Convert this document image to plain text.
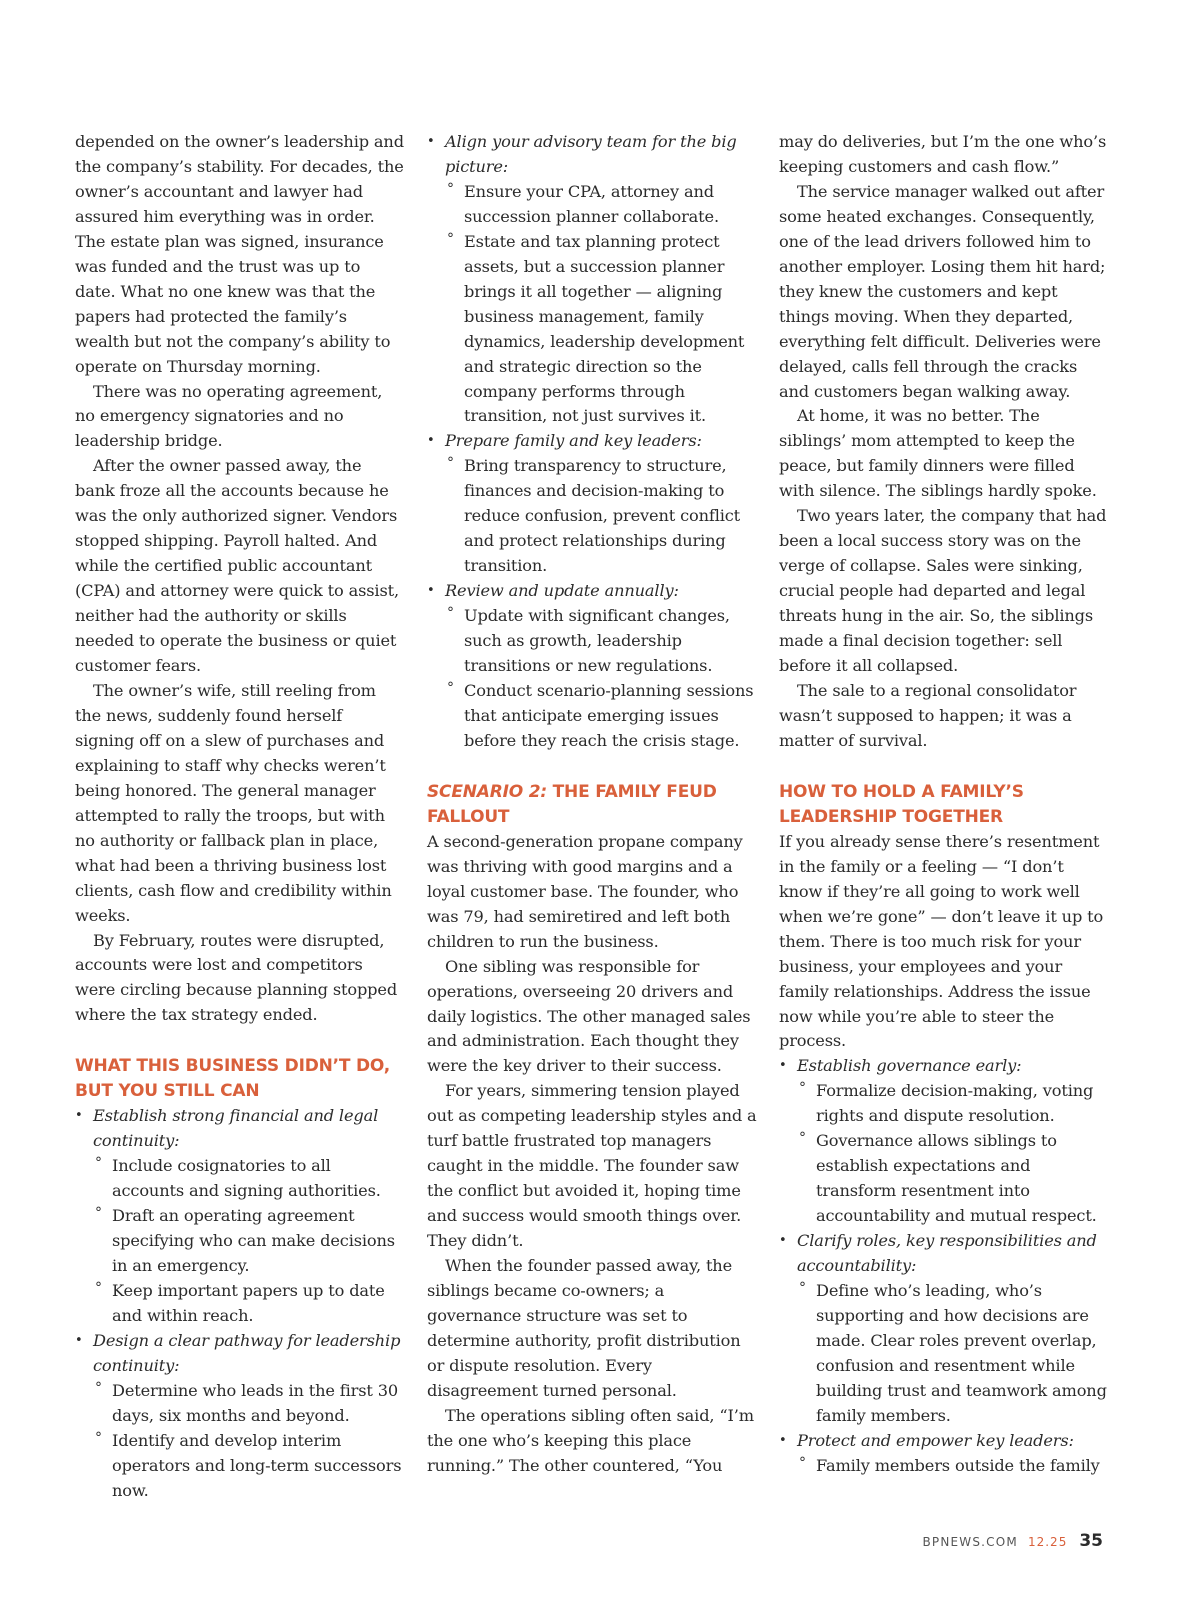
depended on the owner’s leadership and the company’s stability. For decades, the owner’s accountant and lawyer had assured him everything was in order. The estate plan was signed, insurance was funded and the trust was up to date. What no one knew was that the papers had protected the family’s wealth but not the company’s ability to operate on Thursday morning.

There was no operating agreement, no emergency signatories and no leadership bridge.

After the owner passed away, the bank froze all the accounts because he was the only authorized signer. Vendors stopped shipping. Payroll halted. And while the certified public accountant (CPA) and attorney were quick to assist, neither had the authority or skills needed to operate the business or quiet customer fears.

The owner’s wife, still reeling from the news, suddenly found herself signing off on a slew of purchases and explaining to staff why checks weren’t being honored. The general manager attempted to rally the troops, but with no authority or fallback plan in place, what had been a thriving business lost clients, cash flow and credibility within weeks.

By February, routes were disrupted, accounts were lost and competitors were circling because planning stopped where the tax strategy ended.

WHAT THIS BUSINESS DIDN’T DO, BUT YOU STILL CAN
• Establish strong financial and legal continuity:
° Include cosignatories to all accounts and signing authorities.
° Draft an operating agreement specifying who can make decisions in an emergency.
° Keep important papers up to date and within reach.
• Design a clear pathway for leadership continuity:
° Determine who leads in the first 30 days, six months and beyond.
° Identify and develop interim operators and long-term successors now.
• Align your advisory team for the big picture:
° Ensure your CPA, attorney and succession planner collaborate.
° Estate and tax planning protect assets, but a succession planner brings it all together — aligning business management, family dynamics, leadership development and strategic direction so the company performs through transition, not just survives it.
• Prepare family and key leaders:
° Bring transparency to structure, finances and decision-making to reduce confusion, prevent conflict and protect relationships during transition.
• Review and update annually:
° Update with significant changes, such as growth, leadership transitions or new regulations.
° Conduct scenario-planning sessions that anticipate emerging issues before they reach the crisis stage.
SCENARIO 2: THE FAMILY FEUD FALLOUT

A second-generation propane company was thriving with good margins and a loyal customer base. The founder, who was 79, had semiretired and left both children to run the business.

One sibling was responsible for operations, overseeing 20 drivers and daily logistics. The other managed sales and administration. Each thought they were the key driver to their success.

For years, simmering tension played out as competing leadership styles and a turf battle frustrated top managers caught in the middle. The founder saw the conflict but avoided it, hoping time and success would smooth things over. They didn’t.

When the founder passed away, the siblings became co-owners; a governance structure was set to determine authority, profit distribution or dispute resolution. Every disagreement turned personal.

The operations sibling often said, “I’m the one who’s keeping this place running.” The other countered, “You

may do deliveries, but I’m the one who’s keeping customers and cash flow.”

The service manager walked out after some heated exchanges. Consequently, one of the lead drivers followed him to another employer. Losing them hit hard; they knew the customers and kept things moving. When they departed, everything felt difficult. Deliveries were delayed, calls fell through the cracks and customers began walking away.

At home, it was no better. The siblings’ mom attempted to keep the peace, but family dinners were filled with silence. The siblings hardly spoke.

Two years later, the company that had been a local success story was on the verge of collapse. Sales were sinking, crucial people had departed and legal threats hung in the air. So, the siblings made a final decision together: sell before it all collapsed.

The sale to a regional consolidator wasn’t supposed to happen; it was a matter of survival.

HOW TO HOLD A FAMILY’S LEADERSHIP TOGETHER

If you already sense there’s resentment in the family or a feeling — “I don’t know if they’re all going to work well when we’re gone” — don’t leave it up to them. There is too much risk for your business, your employees and your family relationships. Address the issue now while you’re able to steer the process.

• Establish governance early:
° Formalize decision-making, voting rights and dispute resolution.
° Governance allows siblings to establish expectations and transform resentment into accountability and mutual respect.
• Clarify roles, key responsibilities and accountability:
° Define who’s leading, who’s supporting and how decisions are made. Clear roles prevent overlap, confusion and resentment while building trust and teamwork among family members.
• Protect and empower key leaders:
° Family members outside the family
BPNEWS.COM 12.25 35
